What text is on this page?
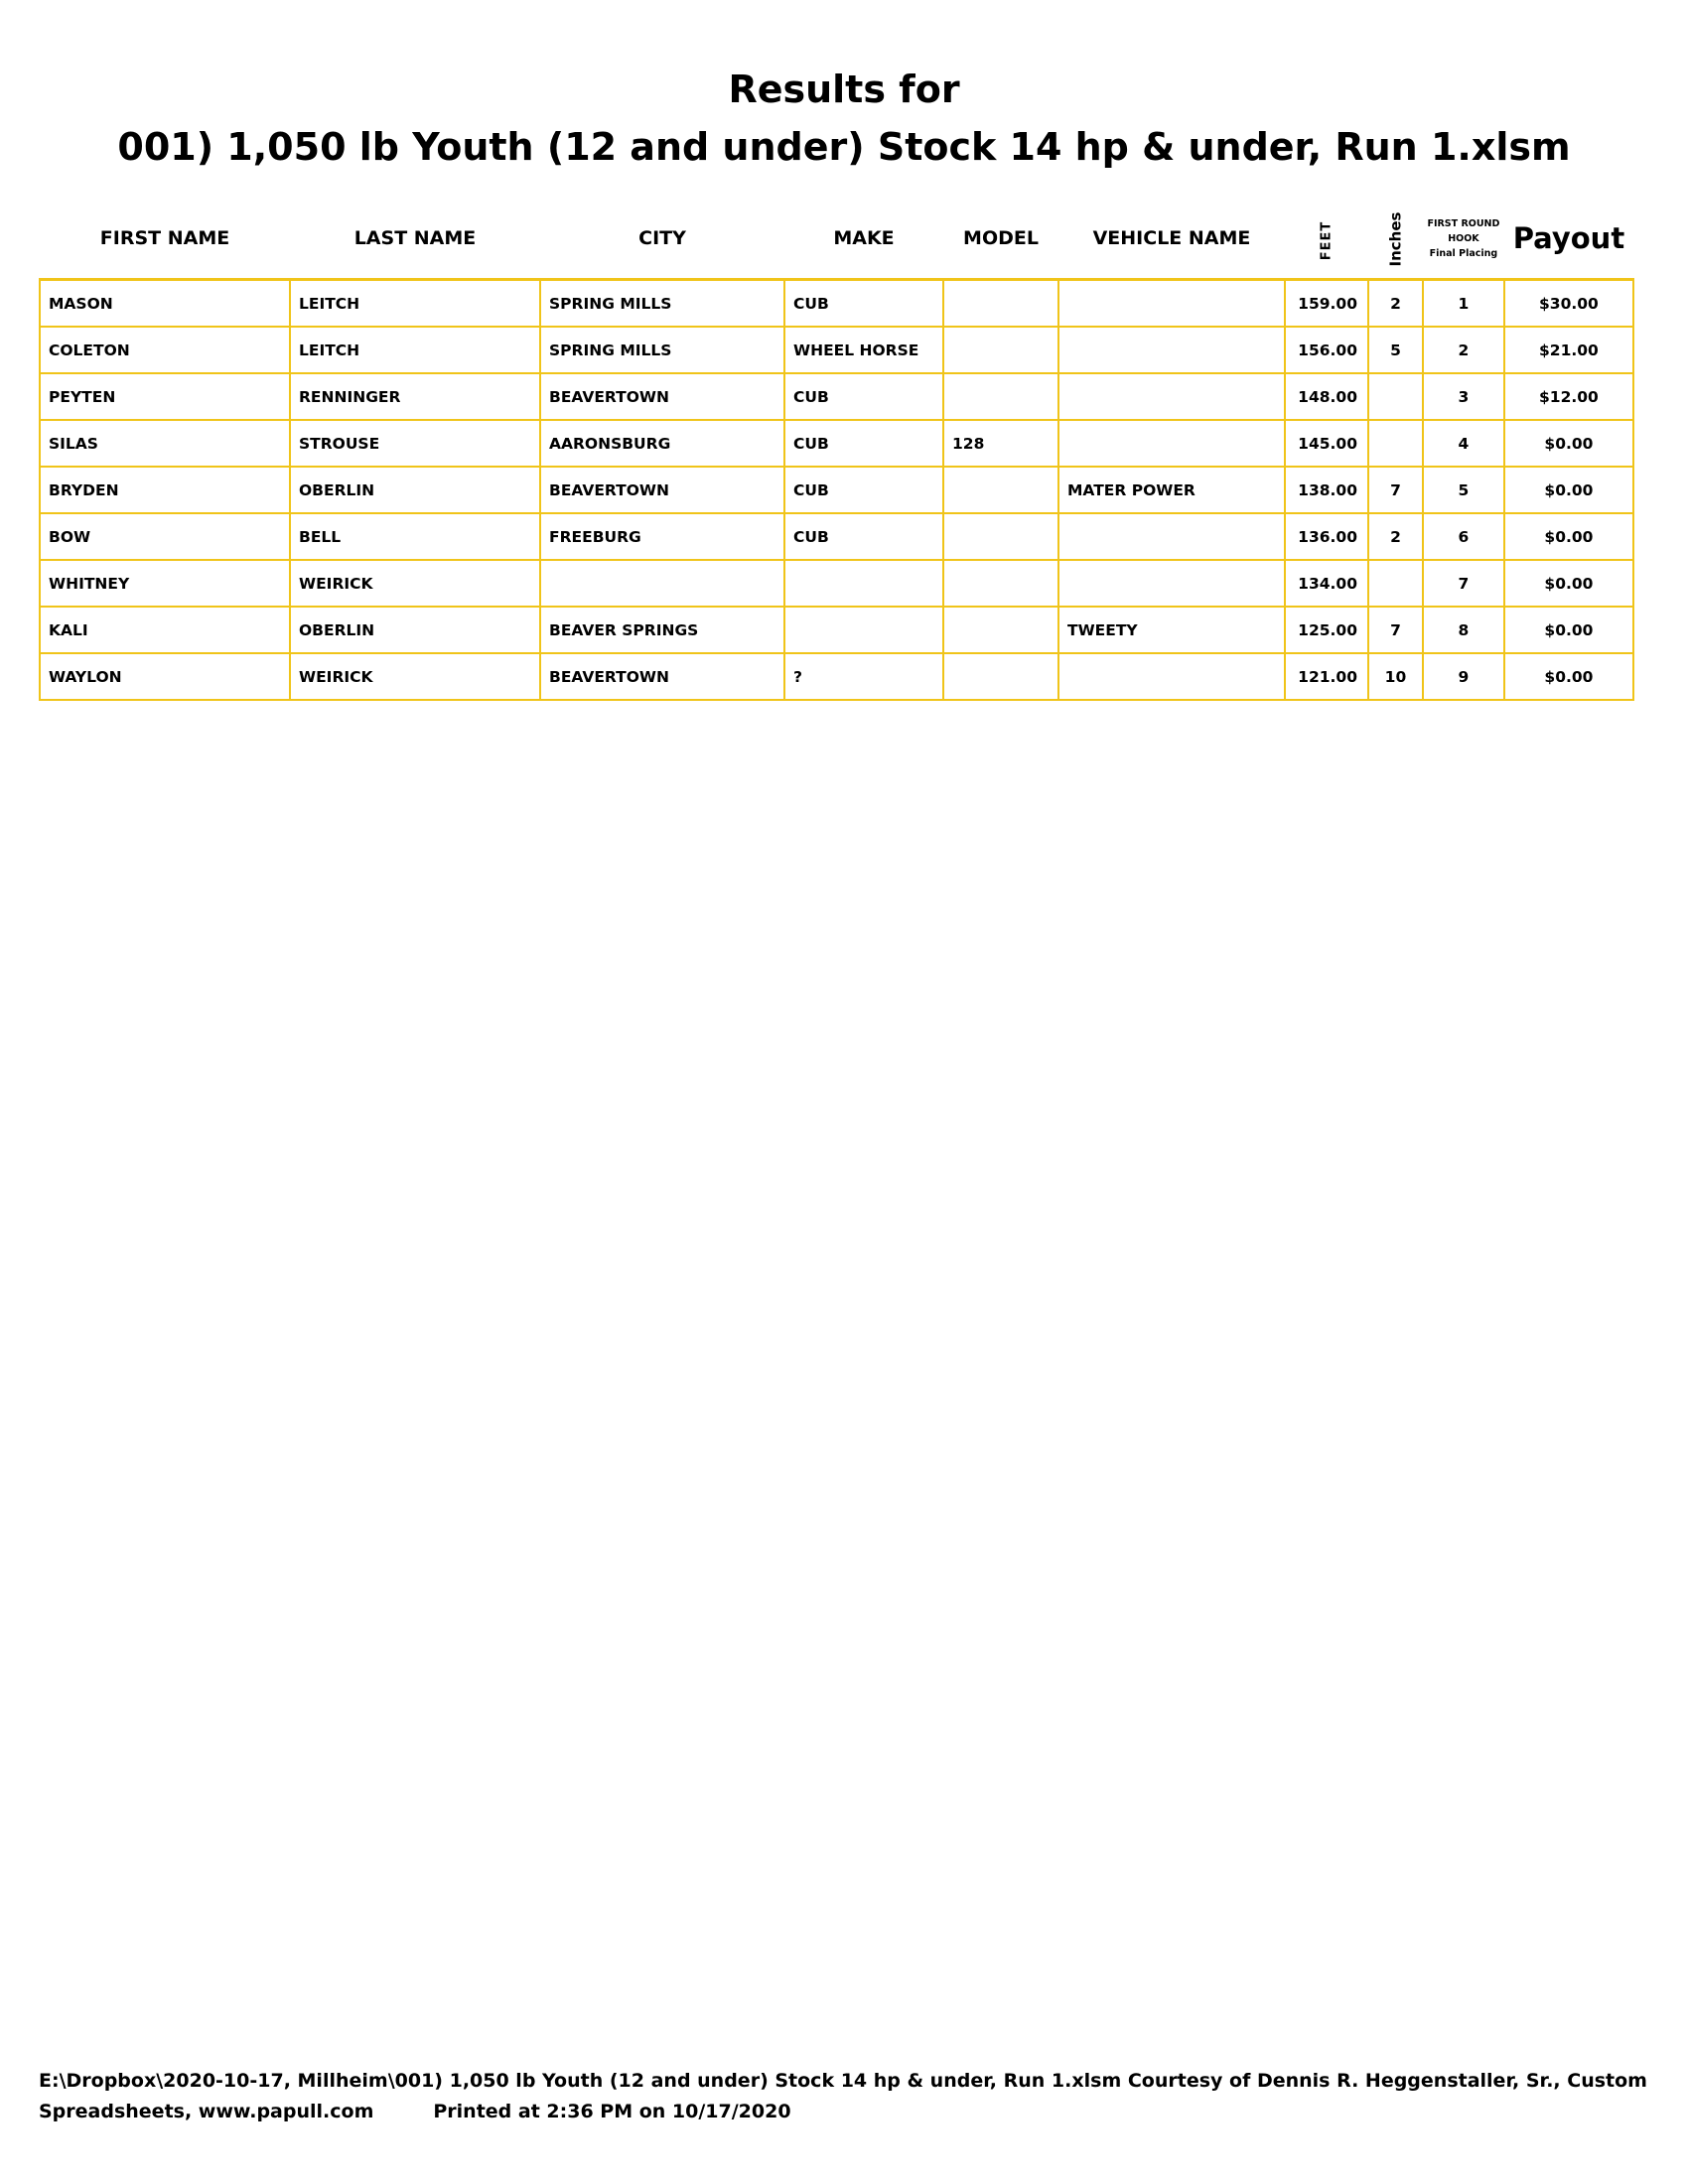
Results for
001) 1,050 lb Youth (12 and under) Stock 14 hp & under, Run 1.xlsm
FIRST NAME	LAST NAME	CITY	MAKE	MODEL	VEHICLE NAME	FEET	Inches	FIRST ROUND
HOOK
Final Placing	Payout
MASON	LEITCH	SPRING MILLS	CUB			159.00	2	1	$30.00
COLETON	LEITCH	SPRING MILLS	WHEEL HORSE			156.00	5	2	$21.00
PEYTEN	RENNINGER	BEAVERTOWN	CUB			148.00		3	$12.00
SILAS	STROUSE	AARONSBURG	CUB	128		145.00		4	$0.00
BRYDEN	OBERLIN	BEAVERTOWN	CUB		MATER POWER	138.00	7	5	$0.00
BOW	BELL	FREEBURG	CUB			136.00	2	6	$0.00
WHITNEY	WEIRICK					134.00		7	$0.00
KALI	OBERLIN	BEAVER SPRINGS			TWEETY	125.00	7	8	$0.00
WAYLON	WEIRICK	BEAVERTOWN	?			121.00	10	9	$0.00
E:\Dropbox\2020-10-17, Millheim\001) 1,050 lb Youth (12 and under) Stock 14 hp & under, Run 1.xlsm Courtesy of Dennis R. Heggenstaller, Sr., Custom
Spreadsheets, www.papull.com	Printed at 2:36 PM on 10/17/2020
